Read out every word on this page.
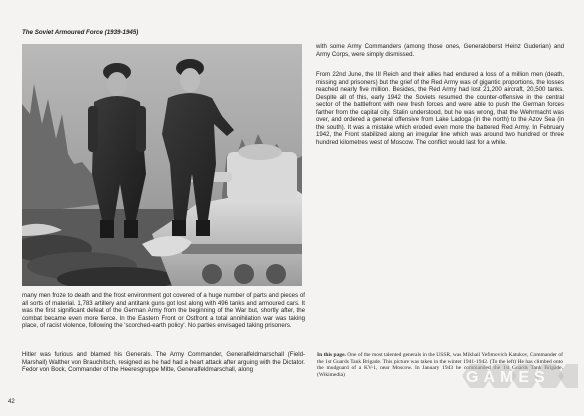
The Soviet Armoured Force (1939-1945)

with some Army Commanders (among those ones, Generaloberst Heinz Guderian) and Army Corps, were simply dismissed.

From 22nd June, the III Reich and their allies had endured a loss of a million men (death, missing and prisoners) but the grief of the Red Army was of gigantic proportions, the losses reached nearly five million. Besides, the Red Army had lost 21,200 aircraft, 20,500 tanks. Despite all of this, early 1942 the Soviets resumed the counter-offensive in the central sector of the battlefront with new fresh forces and were able to push the German forces farther from the capital city. Stalin understood, but he was wrong, that the Wehrmacht was over, and ordered a general offensive from Lake Ladoga (in the north) to the Azov Sea (in the south). It was a mistake which eroded even more the battered Red Army. In February 1942, the Front stabilized along an irregular line which was around two hundred or three hundred kilometres west of Moscow. The conflict would last for a while.

many men froze to death and the frost environment got covered of a huge number of parts and pieces of all sorts of material. 1,783 artillery and antitank guns got lost along with 496 tanks and armoured cars. It was the first significant defeat of the German Army from the beginning of the War but, shortly after, the combat became even more fierce. In the Eastern Front or Ostfront a total annihilation war was taking place, of racist violence, following the 'scorched-earth policy'. No parties envisaged taking prisoners.

Hitler was furious and blamed his Generals. The Army Commander, Generalfeldmarschall (Field-Marshall) Walther von Brauchitsch, resigned as he had had a heart attack after arguing with the Dictator. Fedor von Bock, Commander of the Heeresgruppe Mitte, Generalfeldmarschall, along

In this page. One of the most talented generals in the USSR, was Mikhail Yefimovich Katukov, Commander of the 1st Guards Tank Brigade. This picture was taken in the winter 1941-1942. (To the left) He has climbed onto the mudguard of a KV-1, near Moscow. In January 1943 he commanded the 1st Guards Tank Brigade. (Wikimedia)

42
GAMES
